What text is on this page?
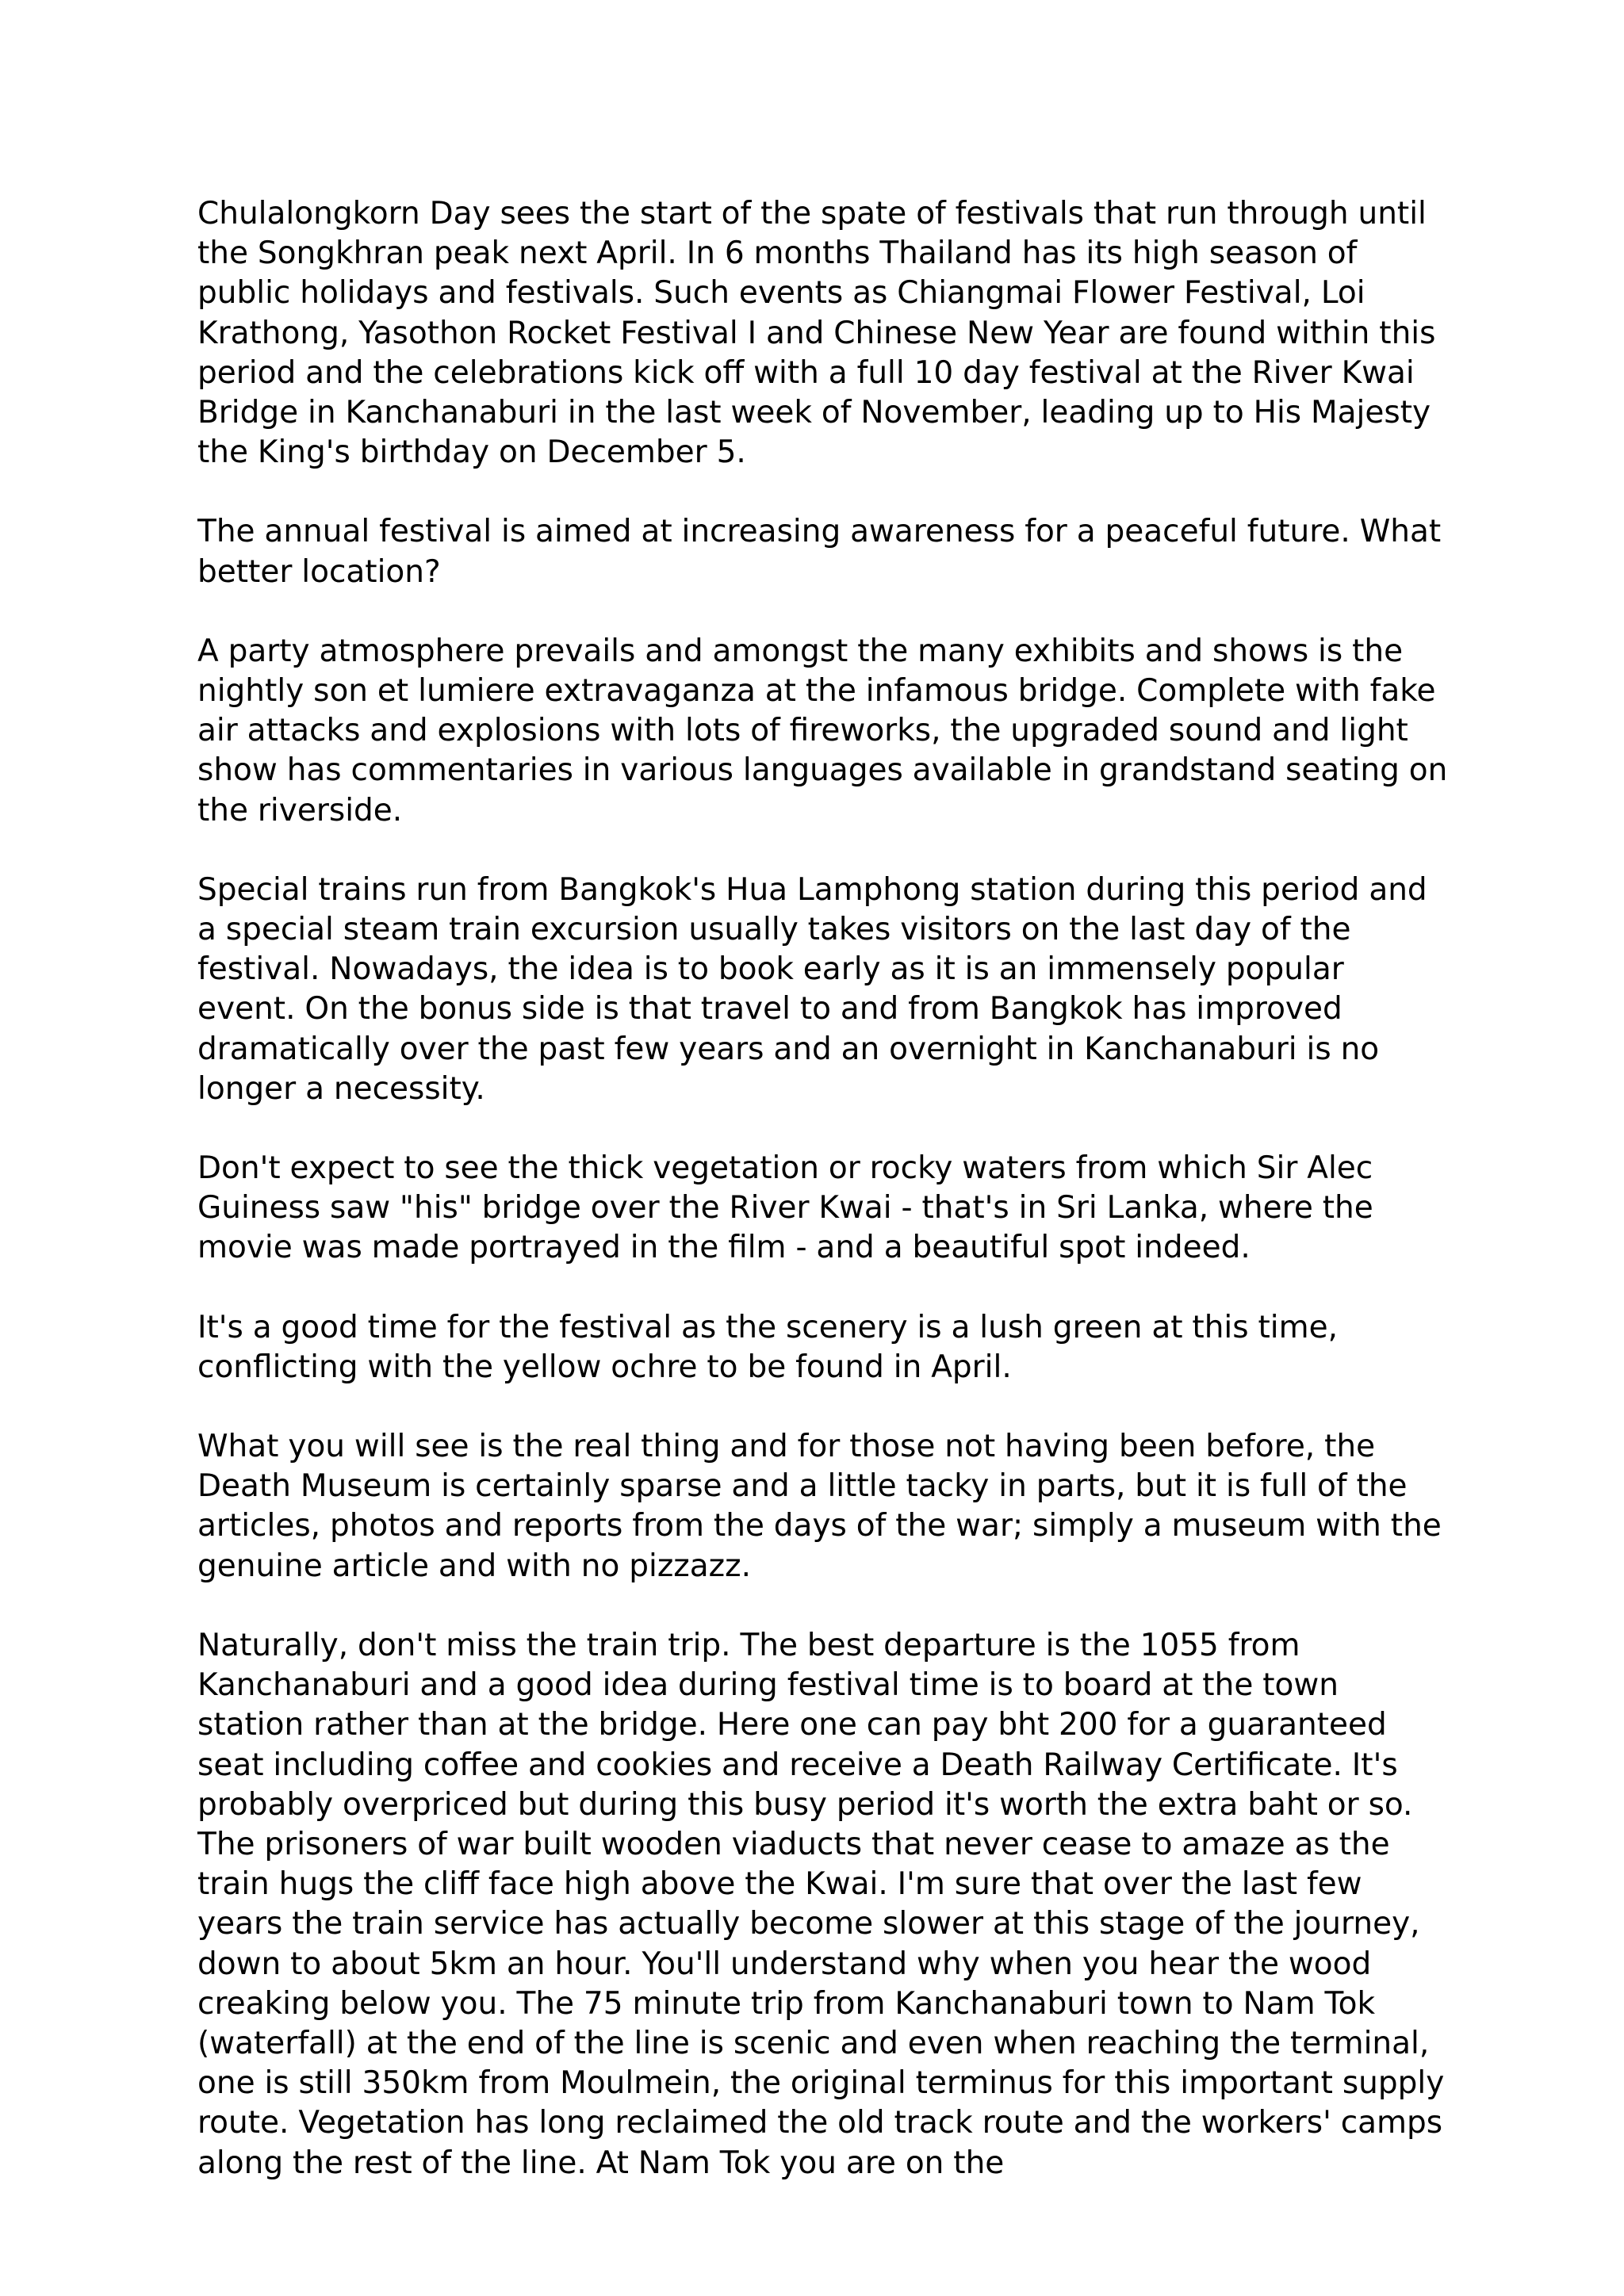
Chulalongkorn Day sees the start of the spate of festivals that run through until the Songkhran peak next April. In 6 months Thailand has its high season of public holidays and festivals. Such events as Chiangmai Flower Festival, Loi Krathong, Yasothon Rocket Festival I and Chinese New Year are found within this period and the celebrations kick off with a full 10 day festival at the River Kwai Bridge in Kanchanaburi in the last week of November, leading up to His Majesty the King's birthday on December 5.

The annual festival is aimed at increasing awareness for a peaceful future. What better location?

A party atmosphere prevails and amongst the many exhibits and shows is the nightly son et lumiere extravaganza at the infamous bridge. Complete with fake air attacks and explosions with lots of fireworks, the upgraded sound and light show has commentaries in various languages available in grandstand seating on the riverside.

Special trains run from Bangkok's Hua Lamphong station during this period and a special steam train excursion usually takes visitors on the last day of the festival. Nowadays, the idea is to book early as it is an immensely popular event. On the bonus side is that travel to and from Bangkok has improved dramatically over the past few years and an overnight in Kanchanaburi is no longer a necessity.

Don't expect to see the thick vegetation or rocky waters from which Sir Alec Guiness saw "his" bridge over the River Kwai - that's in Sri Lanka, where the movie was made portrayed in the film - and a beautiful spot indeed.

It's a good time for the festival as the scenery is a lush green at this time, conflicting with the yellow ochre to be found in April.

What you will see is the real thing and for those not having been before, the Death Museum is certainly sparse and a little tacky in parts, but it is full of the articles, photos and reports from the days of the war; simply a museum with the genuine article and with no pizzazz.

Naturally, don't miss the train trip. The best departure is the 1055 from Kanchanaburi and a good idea during festival time is to board at the town station rather than at the bridge. Here one can pay bht 200 for a guaranteed seat including coffee and cookies and receive a Death Railway Certificate. It's probably overpriced but during this busy period it's worth the extra baht or so. The prisoners of war built wooden viaducts that never cease to amaze as the train hugs the cliff face high above the Kwai. I'm sure that over the last few years the train service has actually become slower at this stage of the journey, down to about 5km an hour. You'll understand why when you hear the wood creaking below you. The 75 minute trip from Kanchanaburi town to Nam Tok (waterfall) at the end of the line is scenic and even when reaching the terminal, one is still 350km from Moulmein, the original terminus for this important supply route. Vegetation has long reclaimed the old track route and the workers' camps along the rest of the line. At Nam Tok you are on the
